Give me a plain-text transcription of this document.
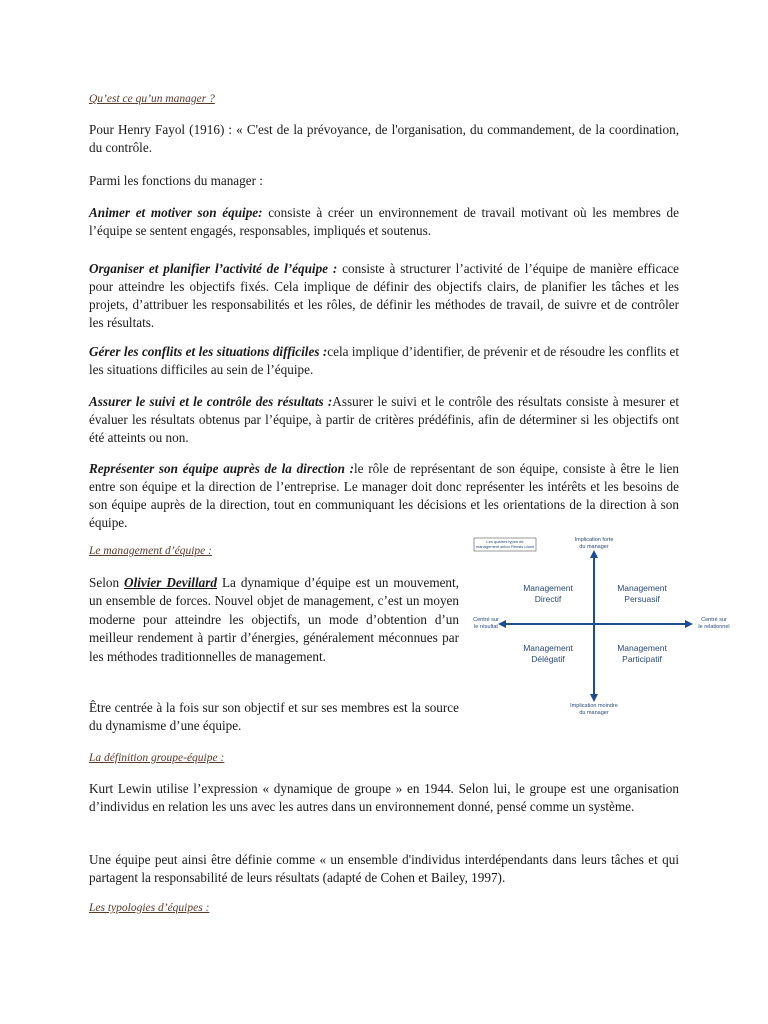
Qu’est ce qu’un manager ?

Pour Henry Fayol (1916) : « C'est de la prévoyance, de l'organisation, du commandement, de la coordination, du contrôle.

Parmi les fonctions du manager :

Animer et motiver son équipe: consiste à créer un environnement de travail motivant où les membres de l’équipe se sentent engagés, responsables, impliqués et soutenus.

Organiser et planifier l’activité de l’équipe : consiste à structurer l’activité de l’équipe de manière efficace pour atteindre les objectifs fixés. Cela implique de définir des objectifs clairs, de planifier les tâches et les projets, d’attribuer les responsabilités et les rôles, de définir les méthodes de travail, de suivre et de contrôler les résultats.

Gérer les conflits et les situations difficiles :cela implique d’identifier, de prévenir et de résoudre les conflits et les situations difficiles au sein de l’équipe.

Assurer le suivi et le contrôle des résultats :Assurer le suivi et le contrôle des résultats consiste à mesurer et évaluer les résultats obtenus par l’équipe, à partir de critères prédéfinis, afin de déterminer si les objectifs ont été atteints ou non.

Représenter son équipe auprès de la direction :le rôle de représentant de son équipe, consiste à être le lien entre son équipe et la direction de l’entreprise. Le manager doit donc représenter les intérêts et les besoins de son équipe auprès de la direction, tout en communiquant les décisions et les orientations de la direction à son équipe.

Le management d’équipe :

Selon Olivier Devillard La dynamique d’équipe est un mouvement, un ensemble de forces. Nouvel objet de management, c’est un moyen moderne pour atteindre les objectifs, un mode d’obtention d’un meilleur rendement à partir d’énergies, généralement méconnues par les méthodes traditionnelles de management.

Être centrée à la fois sur son objectif et sur ses membres est la source du dynamisme d’une équipe.

Les quatres types de
management selon Rensis Likert
Implication forte
du manager
Implication moindre
du manager
Centré sur
le résultat
Centré sur
le relationnel
Management
Directif
Management
Persuasif
Management
Délégatif
Management
Participatif

La définition groupe-équipe :

Kurt Lewin utilise l’expression « dynamique de groupe » en 1944. Selon lui, le groupe est une organisation d’individus en relation les uns avec les autres dans un environnement donné, pensé comme un système.

Une équipe peut ainsi être définie comme « un ensemble d'individus interdépendants dans leurs tâches et qui partagent la responsabilité de leurs résultats (adapté de Cohen et Bailey, 1997).

Les typologies d’équipes :
